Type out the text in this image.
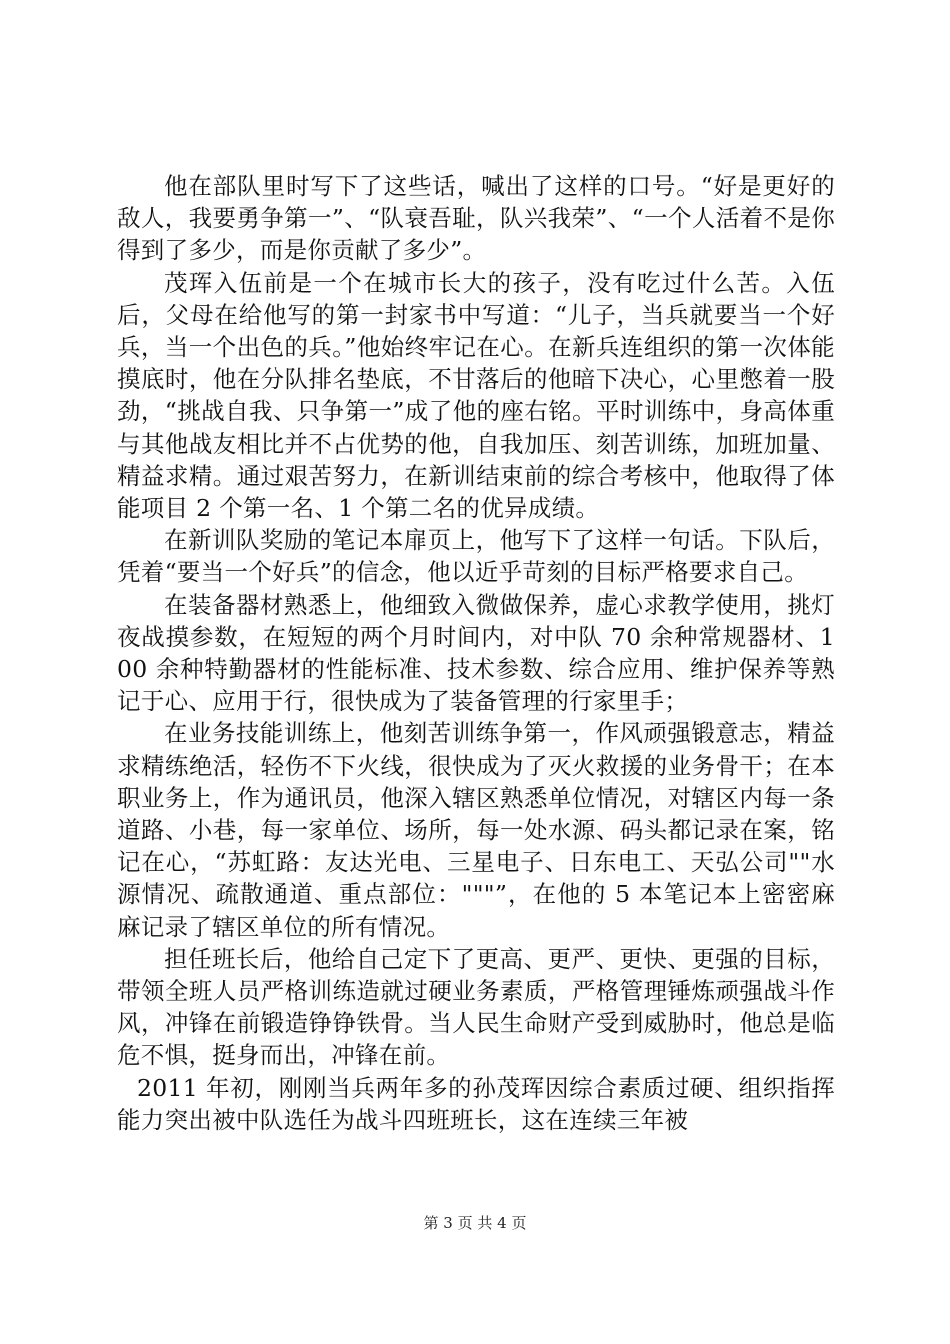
他在部队里时写下了这些话，喊出了这样的口号。“好是更好的敌人，我要勇争第一”、“队衰吾耻，队兴我荣”、“一个人活着不是你得到了多少，而是你贡献了多少”。

茂珲入伍前是一个在城市长大的孩子，没有吃过什么苦。入伍后，父母在给他写的第一封家书中写道：“儿子，当兵就要当一个好兵，当一个出色的兵。”他始终牢记在心。在新兵连组织的第一次体能摸底时，他在分队排名垫底，不甘落后的他暗下决心，心里憋着一股劲，“挑战自我、只争第一”成了他的座右铭。平时训练中，身高体重与其他战友相比并不占优势的他，自我加压、刻苦训练，加班加量、精益求精。通过艰苦努力，在新训结束前的综合考核中，他取得了体能项目 2 个第一名、1 个第二名的优异成绩。

在新训队奖励的笔记本扉页上，他写下了这样一句话。下队后，凭着“要当一个好兵”的信念，他以近乎苛刻的目标严格要求自己。

在装备器材熟悉上，他细致入微做保养，虚心求教学使用，挑灯夜战摸参数，在短短的两个月时间内，对中队 70 余种常规器材、100 余种特勤器材的性能标准、技术参数、综合应用、维护保养等熟记于心、应用于行，很快成为了装备管理的行家里手；

在业务技能训练上，他刻苦训练争第一，作风顽强锻意志，精益求精练绝活，轻伤不下火线，很快成为了灭火救援的业务骨干；在本职业务上，作为通讯员，他深入辖区熟悉单位情况，对辖区内每一条道路、小巷，每一家单位、场所，每一处水源、码头都记录在案，铭记在心，“苏虹路：友达光电、三星电子、日东电工、天弘公司""水源情况、疏散通道、重点部位："""”，在他的 5 本笔记本上密密麻麻记录了辖区单位的所有情况。

担任班长后，他给自己定下了更高、更严、更快、更强的目标，带领全班人员严格训练造就过硬业务素质，严格管理锤炼顽强战斗作风，冲锋在前锻造铮铮铁骨。当人民生命财产受到威胁时，他总是临危不惧，挺身而出，冲锋在前。

2011 年初，刚刚当兵两年多的孙茂珲因综合素质过硬、组织指挥能力突出被中队选任为战斗四班班长，这在连续三年被

第 3 页 共 4 页
